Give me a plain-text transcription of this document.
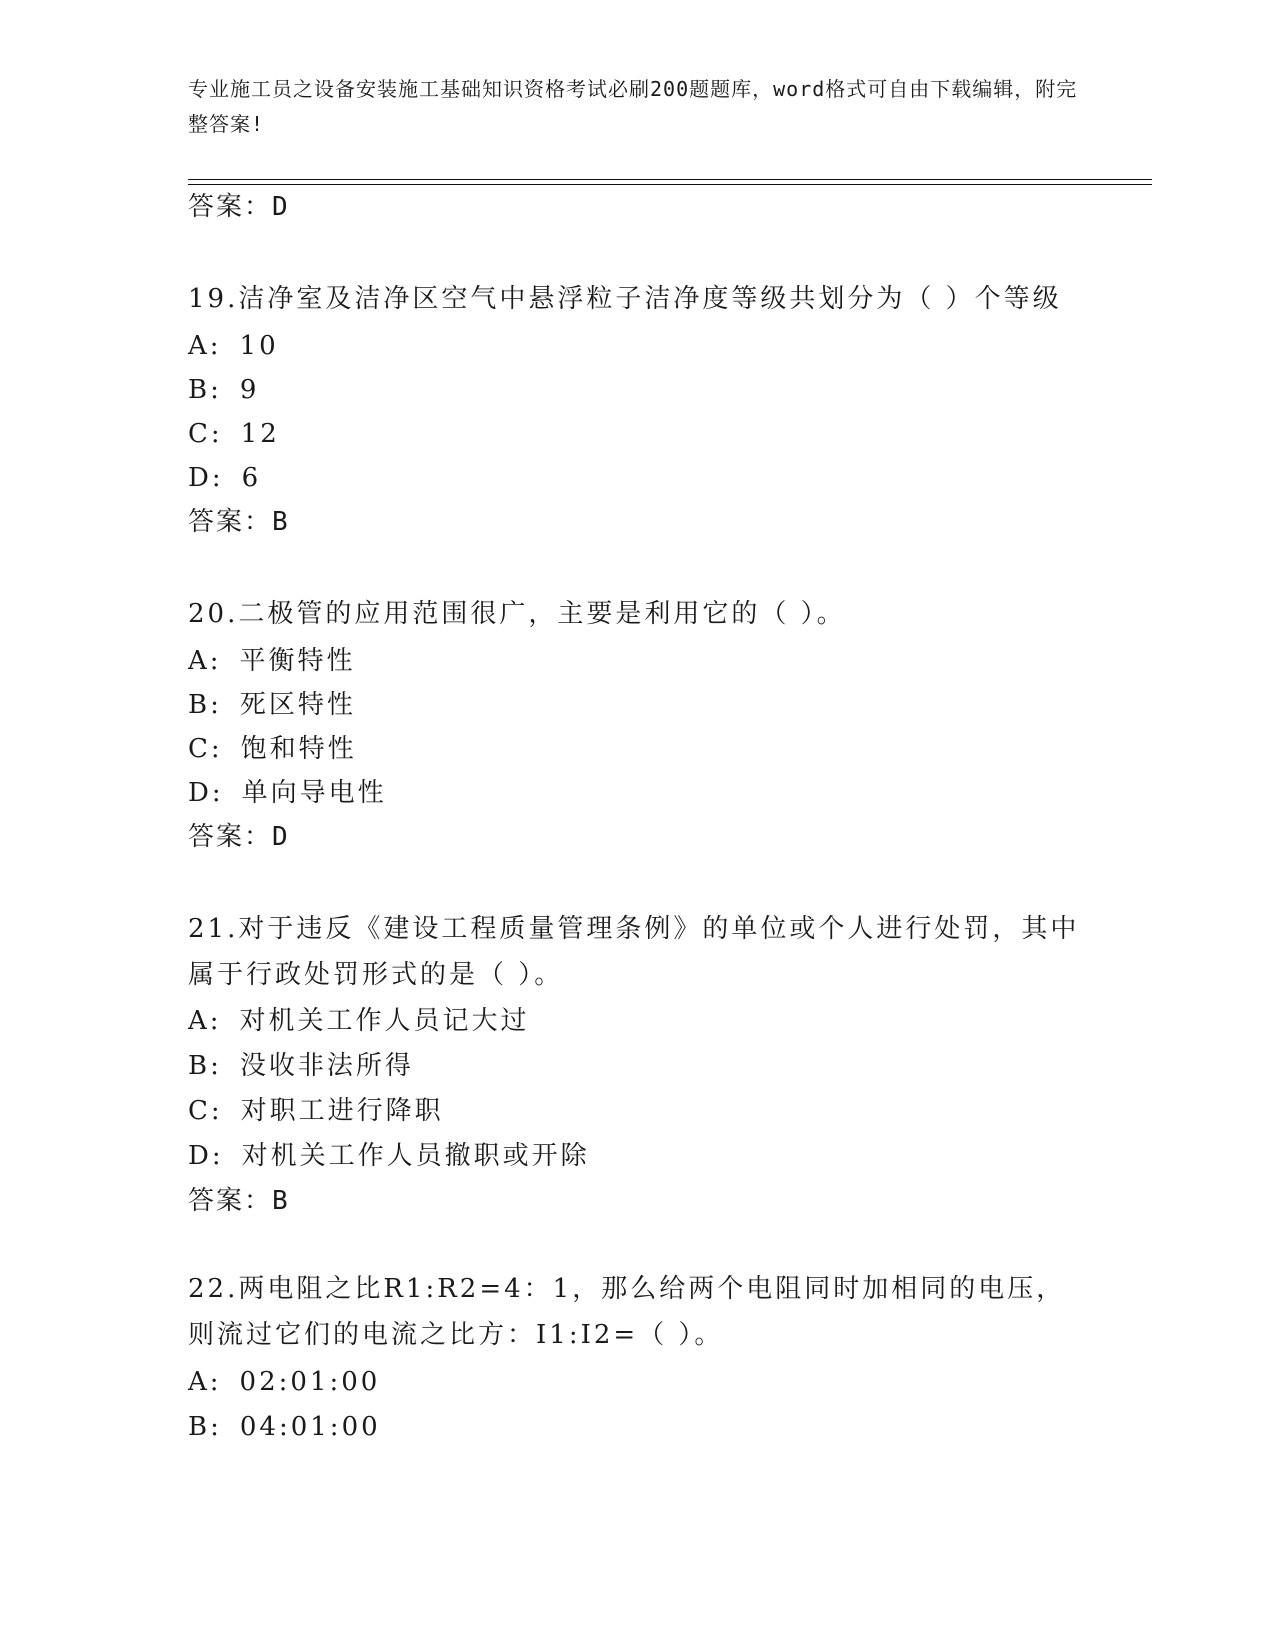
专业施工员之设备安装施工基础知识资格考试必刷200题题库，word格式可自由下载编辑，附完整答案!
答案：D
19.洁净室及洁净区空气中悬浮粒子洁净度等级共划分为（ ）个等级
A: 10
B: 9
C: 12
D: 6
答案：B
20.二极管的应用范围很广，主要是利用它的（ ）。
A: 平衡特性
B: 死区特性
C: 饱和特性
D: 单向导电性
答案：D
21.对于违反《建设工程质量管理条例》的单位或个人进行处罚，其中属于行政处罚形式的是（ ）。
A: 对机关工作人员记大过
B: 没收非法所得
C: 对职工进行降职
D: 对机关工作人员撤职或开除
答案：B
22.两电阻之比R1:R2=4：1，那么给两个电阻同时加相同的电压，则流过它们的电流之比方：I1:I2=（ ）。
A: 02:01:00
B: 04:01:00
